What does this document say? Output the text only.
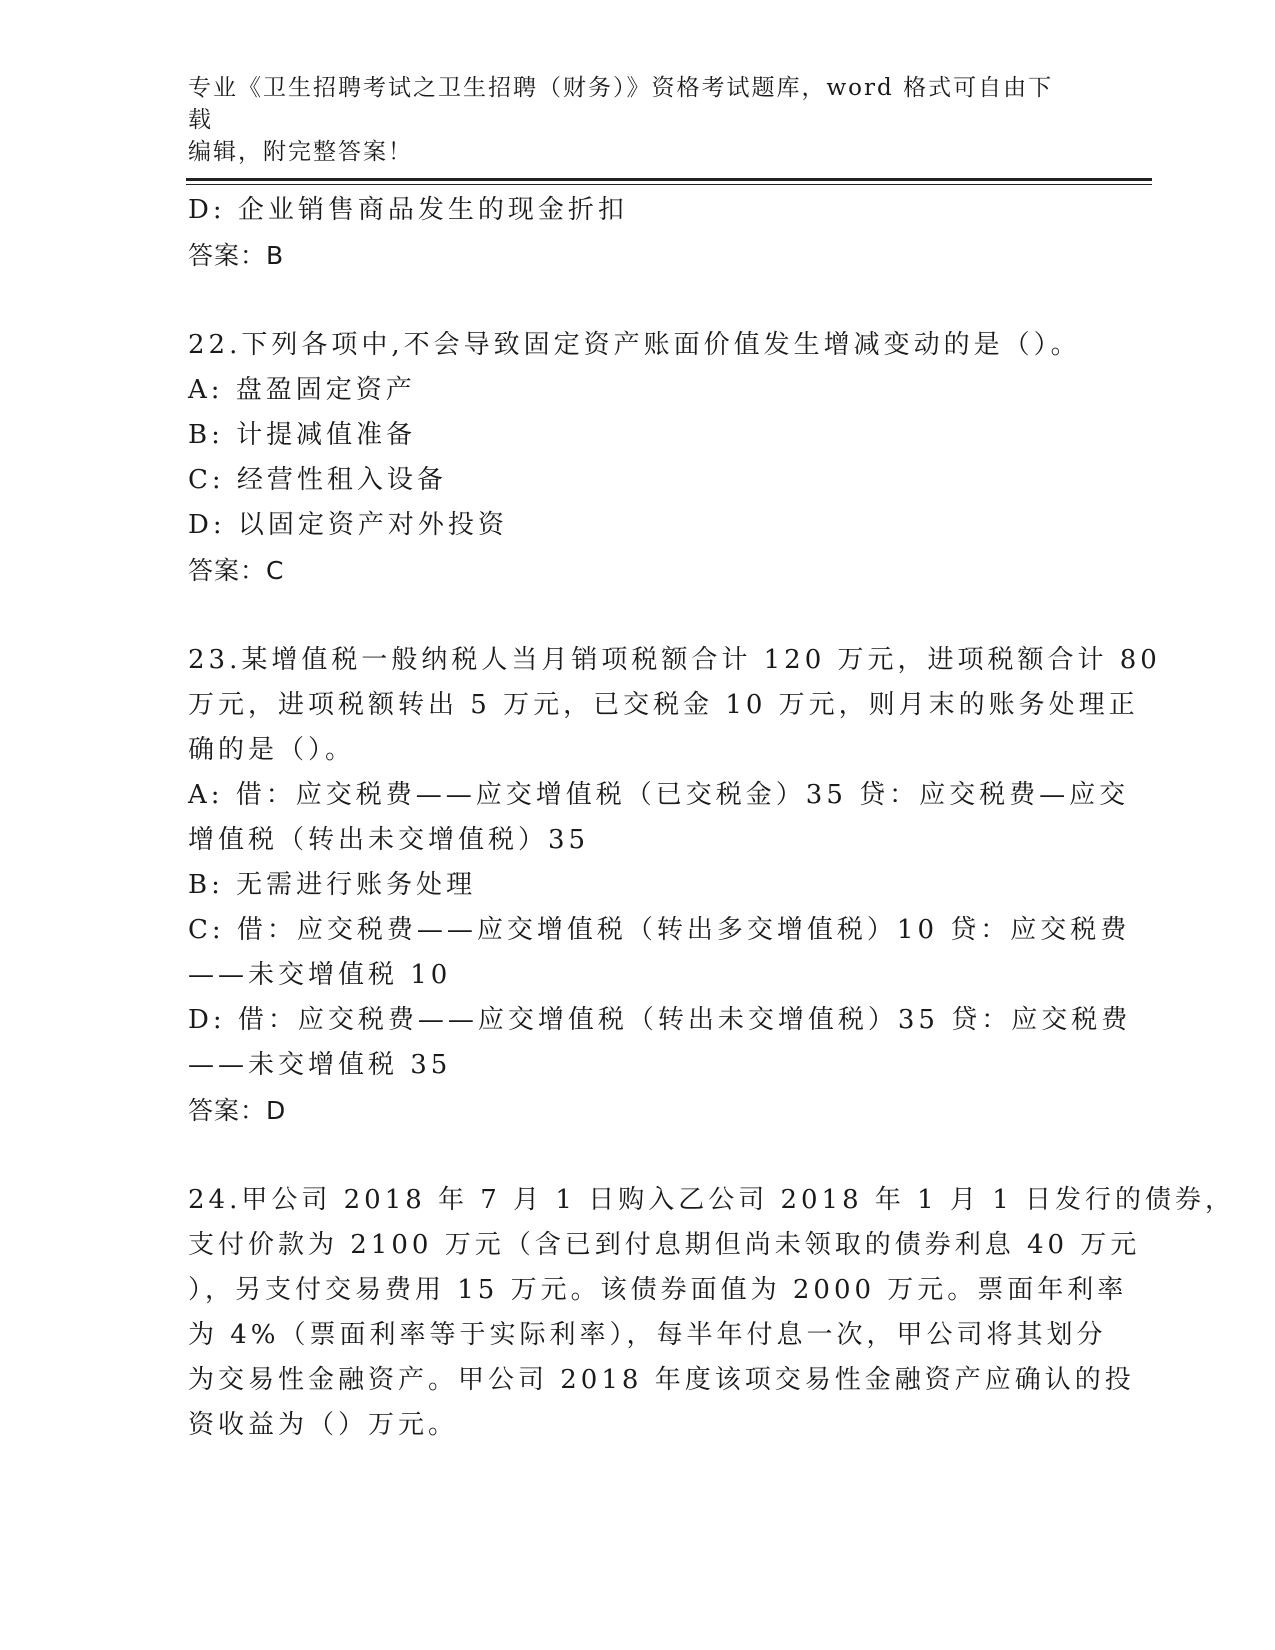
专业《卫生招聘考试之卫生招聘（财务）》资格考试题库，word 格式可自由下载
编辑，附完整答案！
D: 企业销售商品发生的现金折扣
答案：B
22.下列各项中,不会导致固定资产账面价值发生增减变动的是（）。
A: 盘盈固定资产
B: 计提减值准备
C: 经营性租入设备
D: 以固定资产对外投资
答案：C
23.某增值税一般纳税人当月销项税额合计 120 万元，进项税额合计 80
万元，进项税额转出 5 万元，已交税金 10 万元，则月末的账务处理正
确的是（）。
A: 借：应交税费——应交增值税（已交税金）35 贷：应交税费—应交
增值税（转出未交增值税）35
B: 无需进行账务处理
C: 借：应交税费——应交增值税（转出多交增值税）10 贷：应交税费
——未交增值税 10
D: 借：应交税费——应交增值税（转出未交增值税）35 贷：应交税费
——未交增值税 35
答案：D
24.甲公司 2018 年 7 月 1 日购入乙公司 2018 年 1 月 1 日发行的债券，
支付价款为 2100 万元（含已到付息期但尚未领取的债券利息 40 万元
），另支付交易费用 15 万元。该债券面值为 2000 万元。票面年利率
为 4%（票面利率等于实际利率），每半年付息一次，甲公司将其划分
为交易性金融资产。甲公司 2018 年度该项交易性金融资产应确认的投
资收益为（）万元。
